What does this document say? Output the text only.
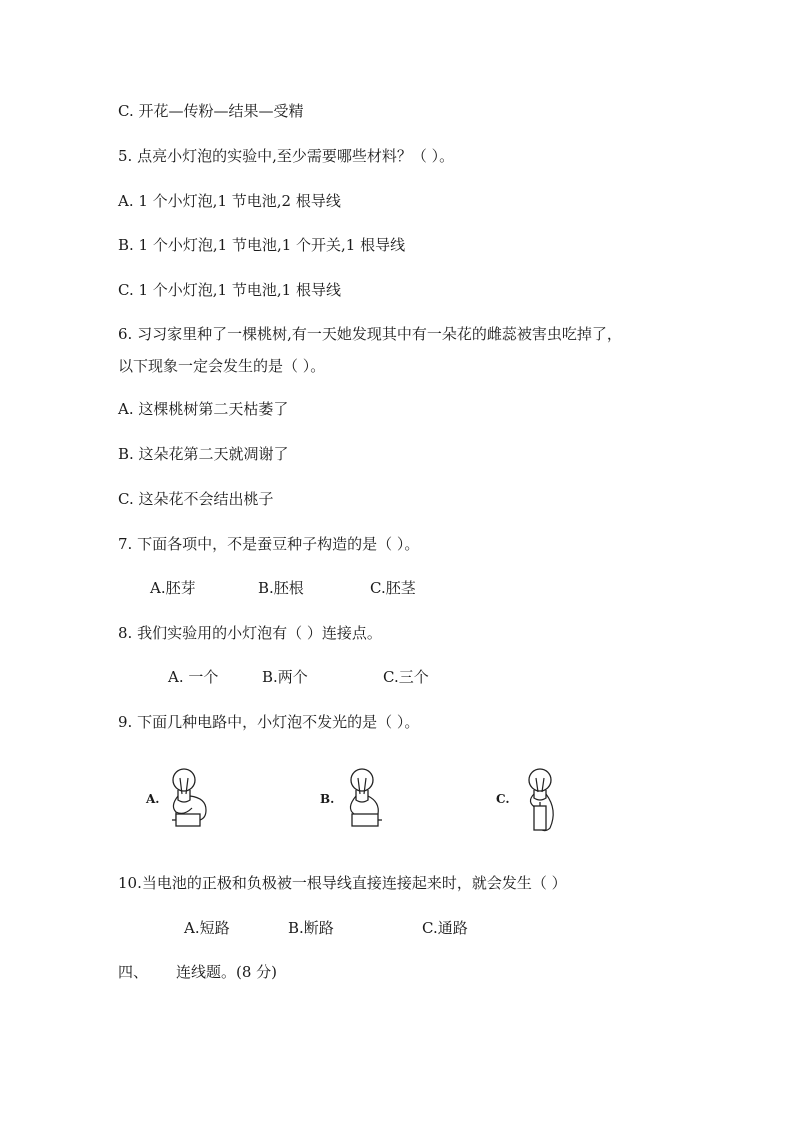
C. 开花—传粉—结果—受精
5. 点亮小灯泡的实验中,至少需要哪些材料？（ ）。
A. 1 个小灯泡,1 节电池,2 根导线
B. 1 个小灯泡,1 节电池,1 个开关,1 根导线
C. 1 个小灯泡,1 节电池,1 根导线
6. 习习家里种了一棵桃树,有一天她发现其中有一朵花的雌蕊被害虫吃掉了，
以下现象一定会发生的是（ ）。
A. 这棵桃树第二天枯萎了
B. 这朵花第二天就凋谢了
C. 这朵花不会结出桃子
7. 下面各项中，不是蚕豆种子构造的是（ ）。
A.胚芽	B.胚根	C.胚茎
8. 我们实验用的小灯泡有（ ）连接点。
A. 一个	B.两个	C.三个
9. 下面几种电路中，小灯泡不发光的是（ ）。
A.	B.	C.
10.当电池的正极和负极被一根导线直接连接起来时，就会发生（ ）
A.短路	B.断路	C.通路
四、 连线题。(8 分)
